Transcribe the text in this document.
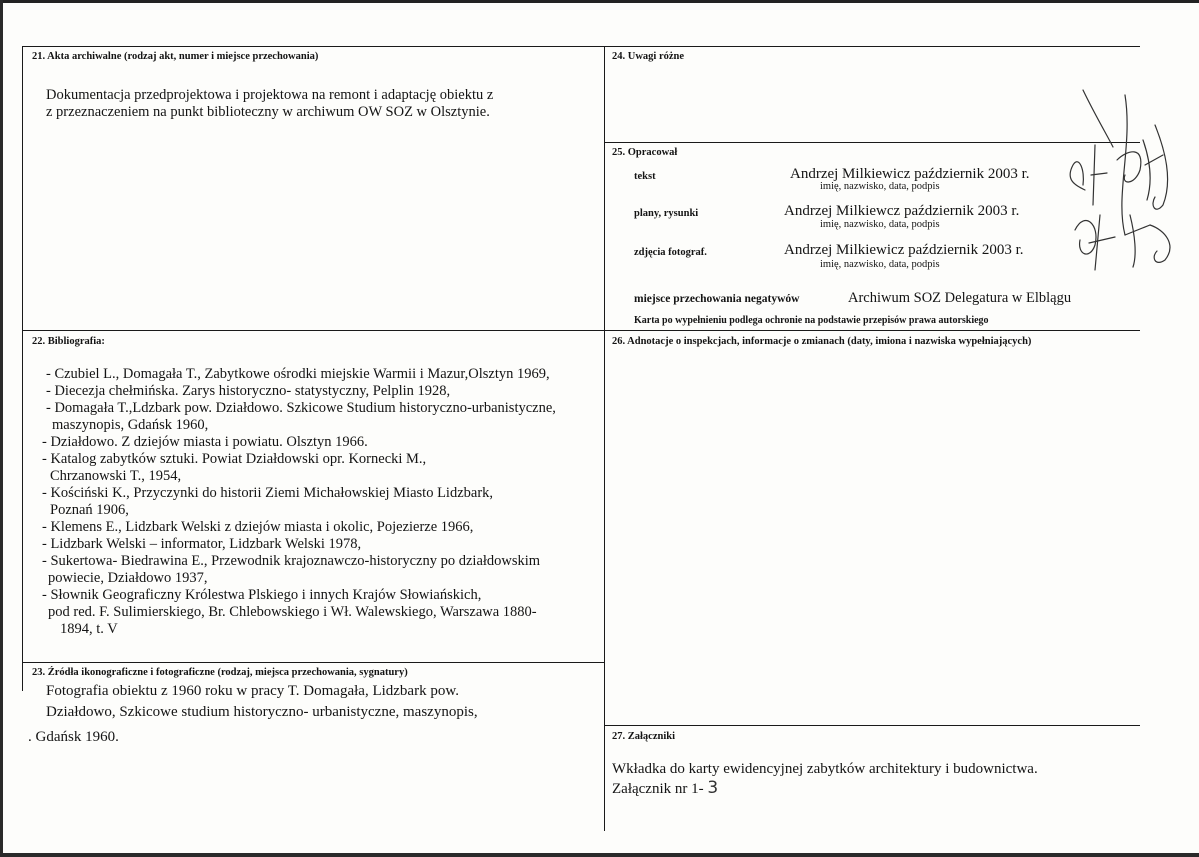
21. Akta archiwalne (rodzaj akt, numer i miejsce przechowania)
Dokumentacja przedprojektowa i projektowa na remont i adaptację obiektu z
z przeznaczeniem na punkt biblioteczny w archiwum OW SOZ w Olsztynie.
24. Uwagi różne
25. Opracował
tekst	Andrzej Milkiewicz październik 2003 r.
imię, nazwisko, data, podpis
plany, rysunki	Andrzej Milkiewcz październik 2003 r.
imię, nazwisko, data, podpis
zdjęcia fotograf.	Andrzej Milkiewicz październik 2003 r.
imię, nazwisko, data, podpis
miejsce przechowania negatywów	Archiwum SOZ Delegatura w Elblągu
Karta po wypełnieniu podlega ochronie na podstawie przepisów prawa autorskiego
22. Bibliografia:
- Czubiel L., Domagała T., Zabytkowe ośrodki miejskie Warmii i Mazur,Olsztyn 1969,
- Diecezja chełmińska. Zarys historyczno- statystyczny, Pelplin 1928,
- Domagała T.,Ldzbark pow. Działdowo. Szkicowe Studium historyczno-urbanistyczne,
maszynopis, Gdańsk 1960,
- Działdowo. Z dziejów miasta i powiatu. Olsztyn 1966.
- Katalog zabytków sztuki. Powiat Działdowski opr. Kornecki M.,
Chrzanowski T., 1954,
- Kościński K., Przyczynki do historii Ziemi Michałowskiej Miasto Lidzbark,
Poznań 1906,
- Klemens E., Lidzbark Welski z dziejów miasta i okolic, Pojezierze 1966,
- Lidzbark Welski – informator, Lidzbark Welski 1978,
- Sukertowa- Biedrawina E., Przewodnik krajoznawczo-historyczny po działdowskim
powiecie, Działdowo 1937,
- Słownik Geograficzny Królestwa Plskiego i innych Krajów Słowiańskich,
pod red. F. Sulimierskiego, Br. Chlebowskiego i Wł. Walewskiego, Warszawa 1880-
1894, t. V
26. Adnotacje o inspekcjach, informacje o zmianach (daty, imiona i nazwiska wypełniających)
23. Źródła ikonograficzne i fotograficzne (rodzaj, miejsca przechowania, sygnatury)
Fotografia obiektu z 1960 roku w pracy T. Domagała, Lidzbark pow.
Działdowo, Szkicowe studium historyczno- urbanistyczne, maszynopis,
. Gdańsk 1960.	27. Załączniki
Wkładka do karty ewidencyjnej zabytków architektury i budownictwa.
Załącznik nr 1- 3
